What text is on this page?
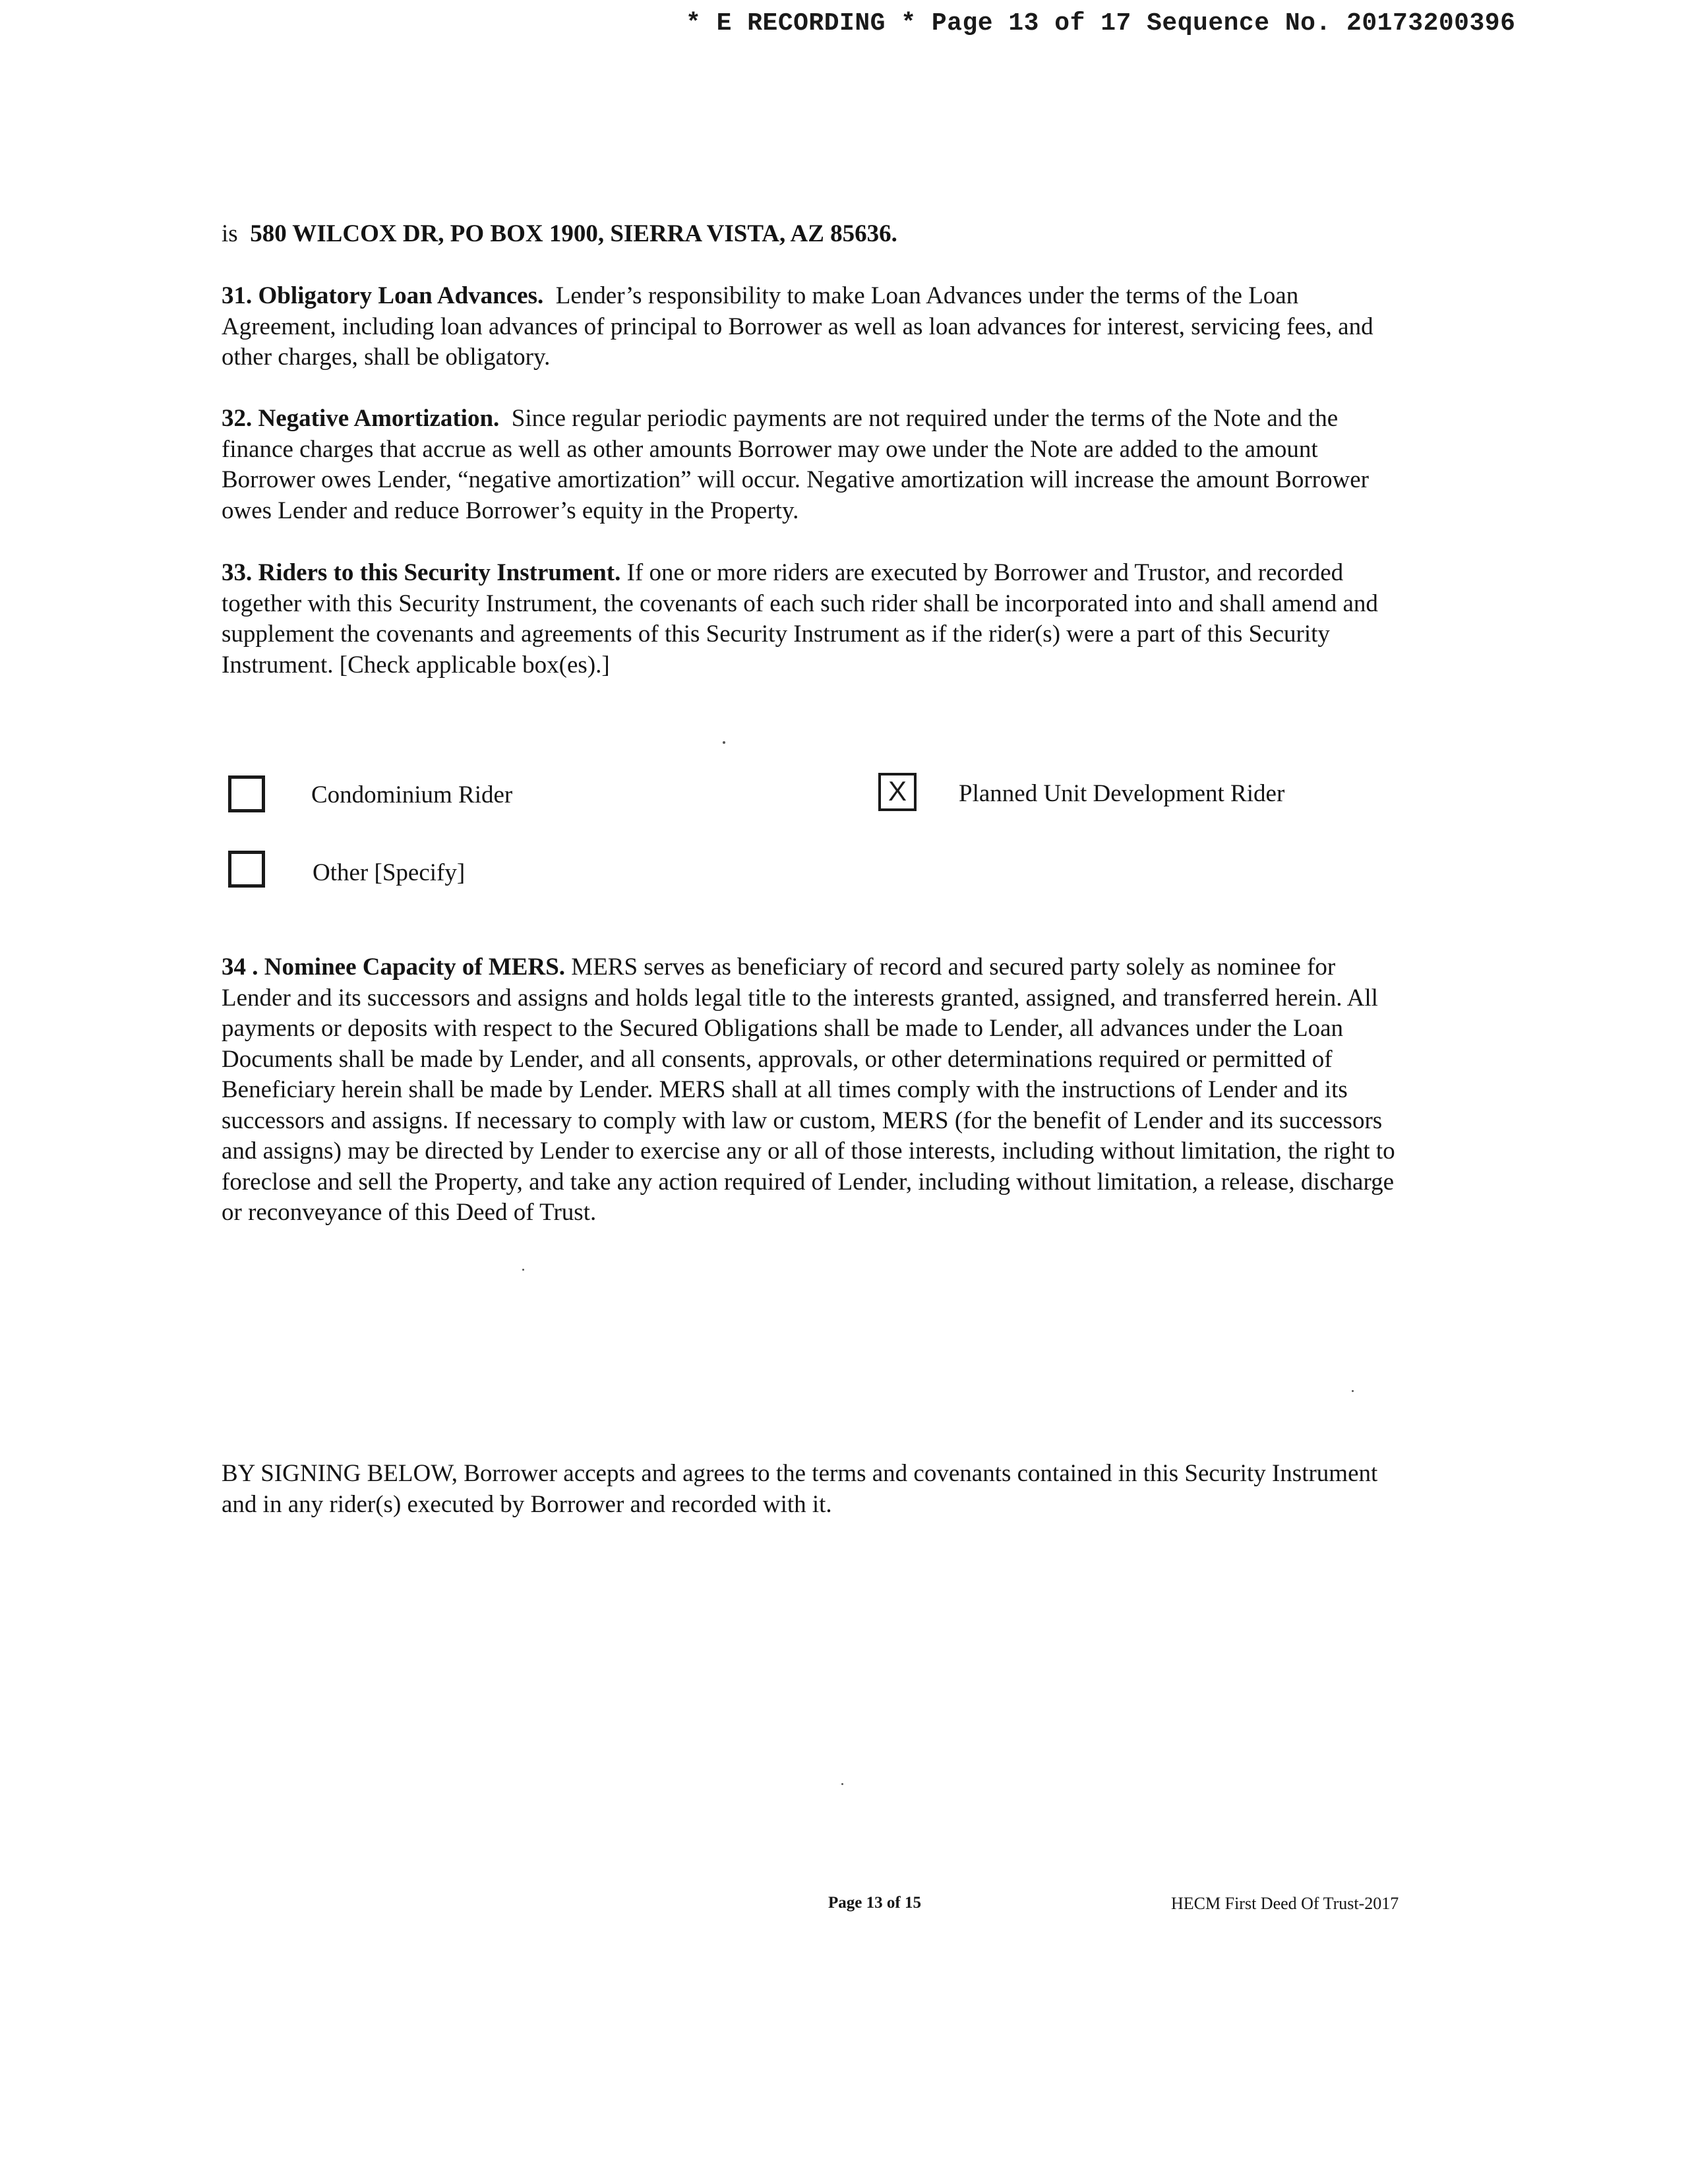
* E RECORDING * Page 13 of 17 Sequence No. 20173200396

is 580 WILCOX DR, PO BOX 1900, SIERRA VISTA, AZ 85636.

31. Obligatory Loan Advances. Lender’s responsibility to make Loan Advances under the terms of the Loan Agreement, including loan advances of principal to Borrower as well as loan advances for interest, servicing fees, and other charges, shall be obligatory.

32. Negative Amortization. Since regular periodic payments are not required under the terms of the Note and the finance charges that accrue as well as other amounts Borrower may owe under the Note are added to the amount Borrower owes Lender, “negative amortization” will occur. Negative amortization will increase the amount Borrower owes Lender and reduce Borrower’s equity in the Property.

33. Riders to this Security Instrument. If one or more riders are executed by Borrower and Trustor, and recorded together with this Security Instrument, the covenants of each such rider shall be incorporated into and shall amend and supplement the covenants and agreements of this Security Instrument as if the rider(s) were a part of this Security Instrument. [Check applicable box(es).]

Condominium Rider	X	Planned Unit Development Rider
Other [Specify]

34 . Nominee Capacity of MERS. MERS serves as beneficiary of record and secured party solely as nominee for Lender and its successors and assigns and holds legal title to the interests granted, assigned, and transferred herein. All payments or deposits with respect to the Secured Obligations shall be made to Lender, all advances under the Loan Documents shall be made by Lender, and all consents, approvals, or other determinations required or permitted of Beneficiary herein shall be made by Lender. MERS shall at all times comply with the instructions of Lender and its successors and assigns. If necessary to comply with law or custom, MERS (for the benefit of Lender and its successors and assigns) may be directed by Lender to exercise any or all of those interests, including without limitation, the right to foreclose and sell the Property, and take any action required of Lender, including without limitation, a release, discharge or reconveyance of this Deed of Trust.

BY SIGNING BELOW, Borrower accepts and agrees to the terms and covenants contained in this Security Instrument and in any rider(s) executed by Borrower and recorded with it.

Page 13 of 15	HECM First Deed Of Trust-2017
